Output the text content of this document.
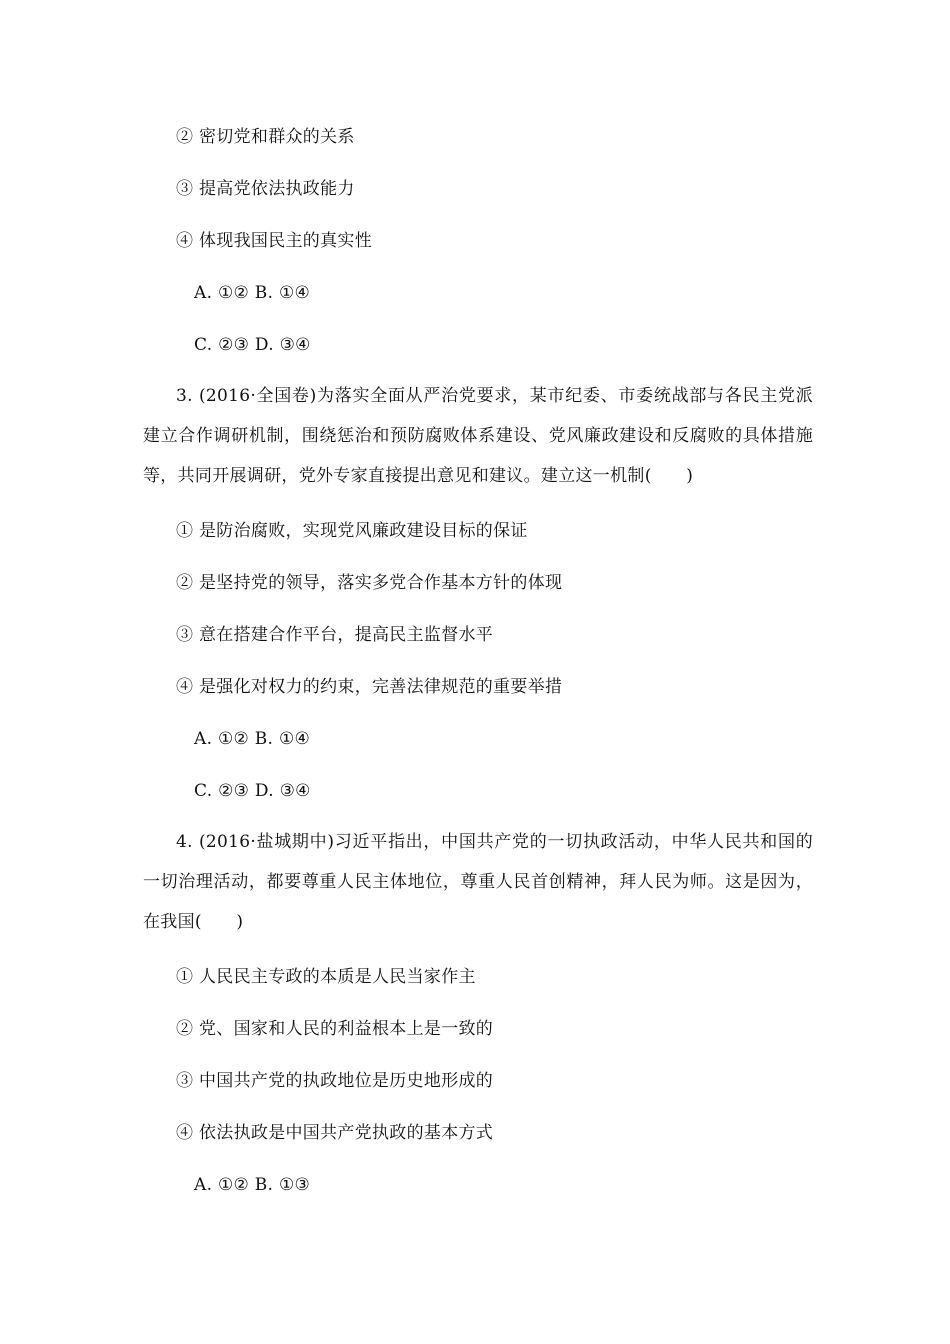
② 密切党和群众的关系
③ 提高党依法执政能力
④ 体现我国民主的真实性
A. ①② B. ①④
C. ②③ D. ③④
3. (2016·全国卷)为落实全面从严治党要求，某市纪委、市委统战部与各民主党派建立合作调研机制，围绕惩治和预防腐败体系建设、党风廉政建设和反腐败的具体措施等，共同开展调研，党外专家直接提出意见和建议。建立这一机制(　　)
① 是防治腐败，实现党风廉政建设目标的保证
② 是坚持党的领导，落实多党合作基本方针的体现
③ 意在搭建合作平台，提高民主监督水平
④ 是强化对权力的约束，完善法律规范的重要举措
A. ①② B. ①④
C. ②③ D. ③④
4. (2016·盐城期中)习近平指出，中国共产党的一切执政活动，中华人民共和国的一切治理活动，都要尊重人民主体地位，尊重人民首创精神，拜人民为师。这是因为，在我国(　　)
① 人民民主专政的本质是人民当家作主
② 党、国家和人民的利益根本上是一致的
③ 中国共产党的执政地位是历史地形成的
④ 依法执政是中国共产党执政的基本方式
A. ①② B. ①③
